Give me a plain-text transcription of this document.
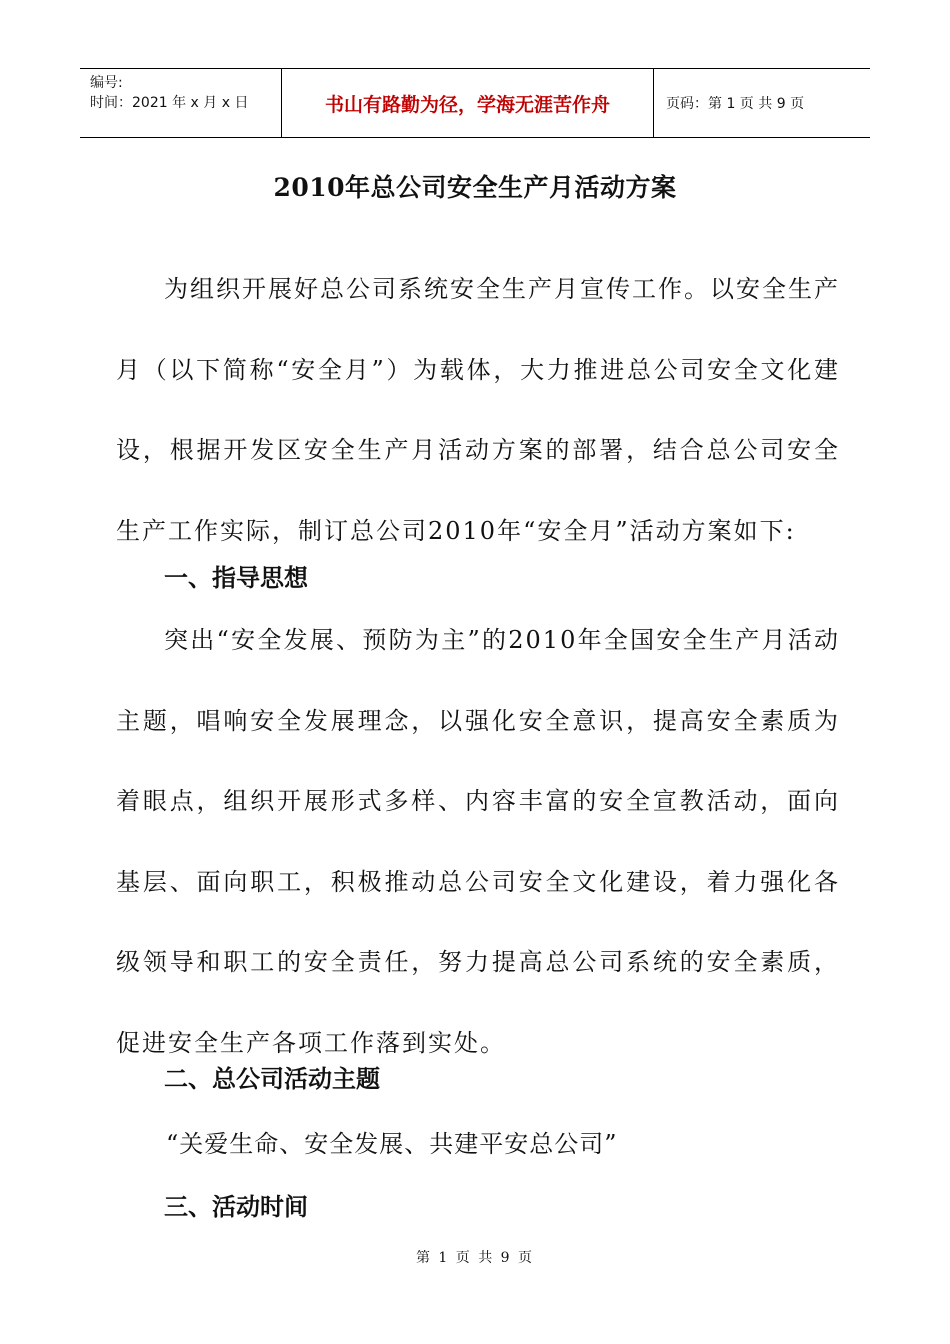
编号:
时间：2021 年 x 月 x 日	书山有路勤为径，学海无涯苦作舟	页码：第 1 页 共 9 页
2010年总公司安全生产月活动方案
为组织开展好总公司系统安全生产月宣传工作。以安全生产月（以下简称“安全月”）为载体，大力推进总公司安全文化建设，根据开发区安全生产月活动方案的部署，结合总公司安全生产工作实际，制订总公司2010年“安全月”活动方案如下:
一、指导思想
突出“安全发展、预防为主”的2010年全国安全生产月活动主题，唱响安全发展理念，以强化安全意识，提高安全素质为着眼点，组织开展形式多样、内容丰富的安全宣教活动，面向基层、面向职工，积极推动总公司安全文化建设，着力强化各级领导和职工的安全责任，努力提高总公司系统的安全素质，促进安全生产各项工作落到实处。
二、总公司活动主题
“关爱生命、安全发展、共建平安总公司”
三、活动时间
第 1 页 共 9 页
